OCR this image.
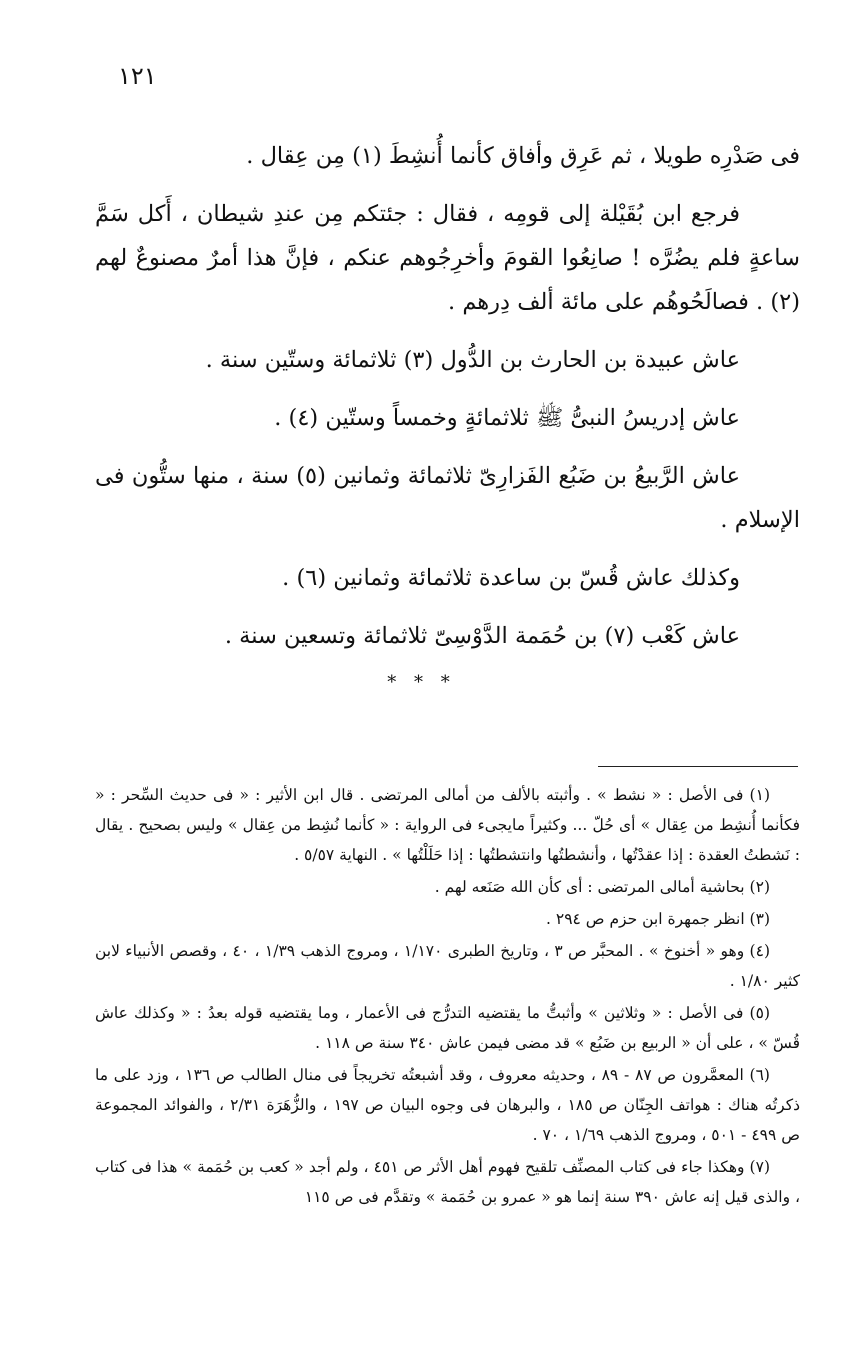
١٢١

فى صَدْرِه طويلا ، ثم عَرِق وأفاق كأنما أُنشِطَ (١) مِن عِقال .

فرجع ابن بُقَيْلة إلى قومِه ، فقال : جئتكم مِن عندِ شيطان ، أَكل سَمَّ ساعةٍ فلم يضُرَّه ! صانِعُوا القومَ وأخرِجُوهم عنكم ، فإنَّ هذا أمرٌ مصنوعٌ لهم (٢) . فصالَحُوهُم على مائة ألف دِرهم .

عاش عبيدة بن الحارث بن الدُّول (٣) ثلاثمائة وستّين سنة .

عاش إدريسُ النبىُّ ﷺ ثلاثمائةٍ وخمساً وستّين (٤) .

عاش الرَّبيعُ بن ضَبُع الفَزارِىّ ثلاثمائة وثمانين (٥) سنة ، منها ستُّون فى الإسلام .

وكذلك عاش قُسّ بن ساعدة ثلاثمائة وثمانين (٦) .

عاش كَعْب (٧) بن حُمَمة الدَّوْسِىّ ثلاثمائة وتسعين سنة .

* * *

(١) فى الأصل : « نشط » . وأثبته بالألف من أمالى المرتضى . قال ابن الأثير : « فى حديث السِّحر : « فكأنما أُنشِط من عِقال » أى حُلّ ... وكثيراً مايجىء فى الرواية : « كأنما نُشِط من عِقال » وليس بصحيح . يقال : نَشطتُ العقدة : إذا عقدْتُها ، وأنشطتُها وانتشطتُها : إذا حَلَلْتُها » . النهاية ٥/٥٧ .

(٢) بحاشية أمالى المرتضى : أى كأن الله صَنَعه لهم .

(٣) انظر جمهرة ابن حزم ص ٢٩٤ .

(٤) وهو « أخنوخ » . المحبَّر ص ٣ ، وتاريخ الطبرى ١/١٧٠ ، ومروج الذهب ١/٣٩ ، ٤٠ ، وقصص الأنبياء لابن كثير ١/٨٠ .

(٥) فى الأصل : « وثلاثين » وأثبتُّ ما يقتضيه التدرُّج فى الأعمار ، وما يقتضيه قوله بعدُ : « وكذلك عاش قُسّ » ، على أن « الربيع بن ضَبُع » قد مضى فيمن عاش ٣٤٠ سنة ص ١١٨ .

(٦) المعمَّرون ص ٨٧ - ٨٩ ، وحديثه معروف ، وقد أشبعتُه تخريجاً فى منال الطالب ص ١٣٦ ، وزد على ما ذكرتُه هناك : هواتف الجِنّان ص ١٨٥ ، والبرهان فى وجوه البيان ص ١٩٧ ، والزُّهَرَة ٢/٣١ ، والفوائد المجموعة ص ٤٩٩ - ٥٠١ ، ومروج الذهب ١/٦٩ ، ٧٠ .

(٧) وهكذا جاء فى كتاب المصنِّف تلقيح فهوم أهل الأثر ص ٤٥١ ، ولم أجد « كعب بن حُمَمة » هذا فى كتاب ، والذى قيل إنه عاش ٣٩٠ سنة إنما هو « عمرو بن حُمَمة » وتقدَّم فى ص ١١٥
